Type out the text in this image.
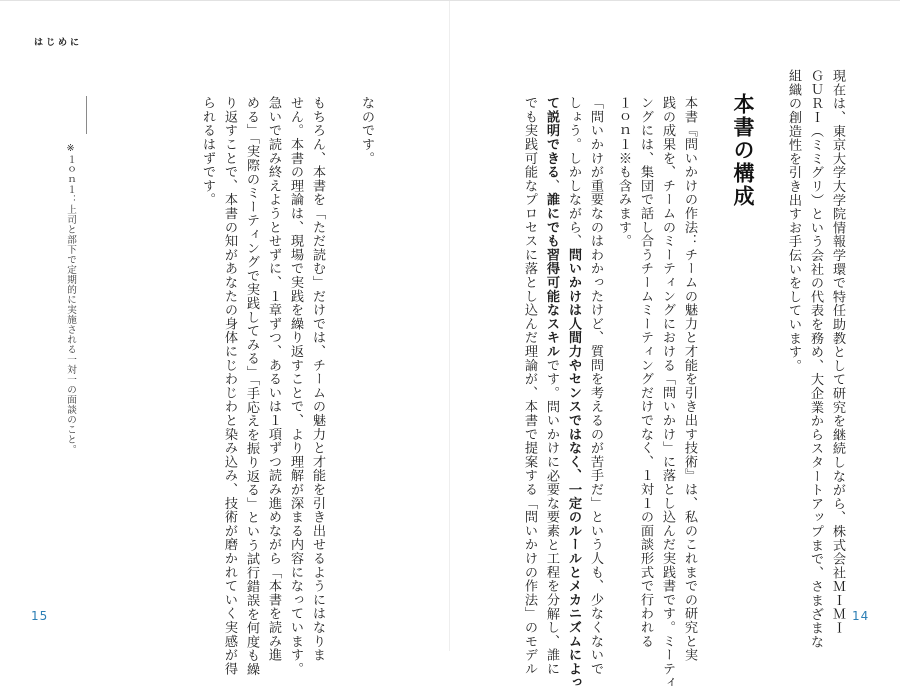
はじめに
現在は、東京大学大学院情報学環で特任助教として研究を継続しながら、株式会社ＭＩＭＩ
ＧＵＲＩ（ミミグリ）という会社の代表を務め、大企業からスタートアップまで、さまざまな
組織の創造性を引き出すお手伝いをしています。
本書の構成
本書『問いかけの作法：チームの魅力と才能を引き出す技術』は、私のこれまでの研究と実
践の成果を、チームのミーティングにおける「問いかけ」に落とし込んだ実践書です。ミーティ
ングには、集団で話し合うチームミーティングだけでなく、１対１の面談形式で行われる
１ｏｎ１※も含みます。
「問いかけが重要なのはわかったけど、質問を考えるのが苦手だ」という人も、少なくないで
しょう。しかしながら、問いかけは人間力やセンスではなく、一定のルールとメカニズムによっ
て説明できる、誰にでも習得可能なスキルです。問いかけに必要な要素と工程を分解し、誰に
でも実践可能なプロセスに落とし込んだ理論が、本書で提案する「問いかけの作法」のモデル
なのです。
もちろん、本書を「ただ読む」だけでは、チームの魅力と才能を引き出せるようにはなりま
せん。本書の理論は、現場で実践を繰り返すことで、より理解が深まる内容になっています。
急いで読み終えようとせずに、１章ずつ、あるいは１項ずつ読み進めながら「本書を読み進
める」「実際のミーティングで実践してみる」「手応えを振り返る」という試行錯誤を何度も繰
り返すことで、本書の知があなたの身体にじわじわと染み込み、技術が磨かれていく実感が得
られるはずです。
※１ｏｎ１：上司と部下で定期的に実施される一対一の面談のこと。
15	14
